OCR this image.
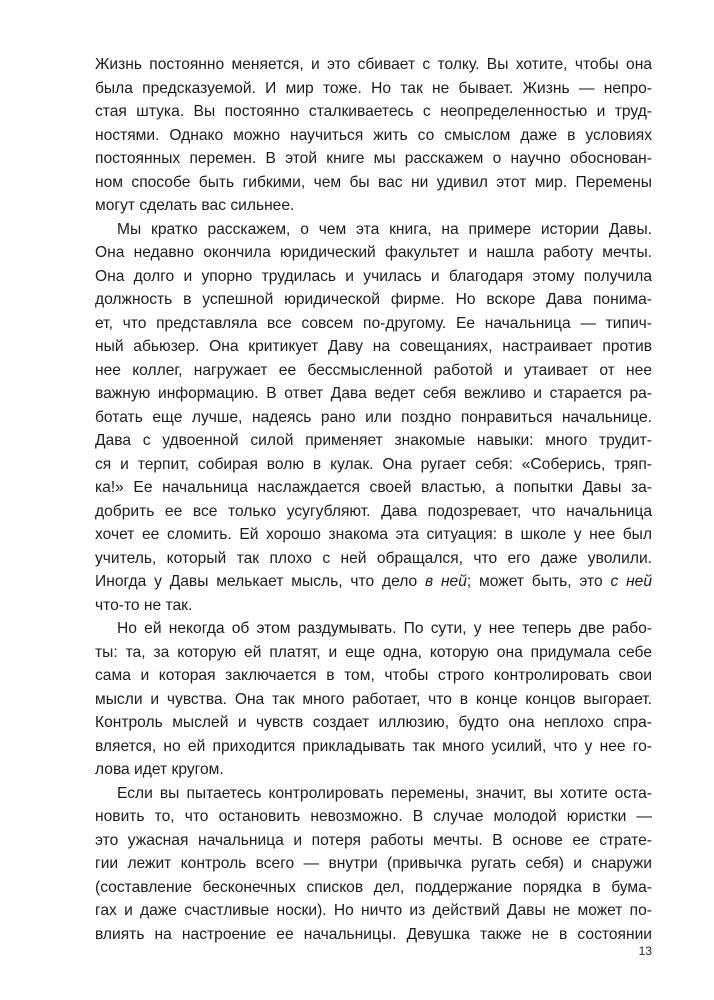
Жизнь постоянно меняется, и это сбивает с толку. Вы хотите, чтобы она
была предсказуемой. И мир тоже. Но так не бывает. Жизнь — непро-
стая штука. Вы постоянно сталкиваетесь с неопределенностью и труд-
ностями. Однако можно научиться жить со смыслом даже в условиях
постоянных перемен. В этой книге мы расскажем о научно обоснован-
ном способе быть гибкими, чем бы вас ни удивил этот мир. Перемены
могут сделать вас сильнее.
Мы кратко расскажем, о чем эта книга, на примере истории Давы.
Она недавно окончила юридический факультет и нашла работу мечты.
Она долго и упорно трудилась и училась и благодаря этому получила
должность в успешной юридической фирме. Но вскоре Дава понима-
ет, что представляла все совсем по-другому. Ее начальница — типич-
ный абьюзер. Она критикует Даву на совещаниях, настраивает против
нее коллег, нагружает ее бессмысленной работой и утаивает от нее
важную информацию. В ответ Дава ведет себя вежливо и старается ра-
ботать еще лучше, надеясь рано или поздно понравиться начальнице.
Дава с удвоенной силой применяет знакомые навыки: много трудит-
ся и терпит, собирая волю в кулак. Она ругает себя: «Соберись, тряп-
ка!» Ее начальница наслаждается своей властью, а попытки Давы за-
добрить ее все только усугубляют. Дава подозревает, что начальница
хочет ее сломить. Ей хорошо знакома эта ситуация: в школе у нее был
учитель, который так плохо с ней обращался, что его даже уволили.
Иногда у Давы мелькает мысль, что дело в ней; может быть, это с ней
что-то не так.
Но ей некогда об этом раздумывать. По сути, у нее теперь две рабо-
ты: та, за которую ей платят, и еще одна, которую она придумала себе
сама и которая заключается в том, чтобы строго контролировать свои
мысли и чувства. Она так много работает, что в конце концов выгорает.
Контроль мыслей и чувств создает иллюзию, будто она неплохо спра-
вляется, но ей приходится прикладывать так много усилий, что у нее го-
лова идет кругом.
Если вы пытаетесь контролировать перемены, значит, вы хотите оста-
новить то, что остановить невозможно. В случае молодой юристки —
это ужасная начальница и потеря работы мечты. В основе ее страте-
гии лежит контроль всего — внутри (привычка ругать себя) и снаружи
(составление бесконечных списков дел, поддержание порядка в бума-
гах и даже счастливые носки). Но ничто из действий Давы не может по-
влиять на настроение ее начальницы. Девушка также не в состоянии
13
